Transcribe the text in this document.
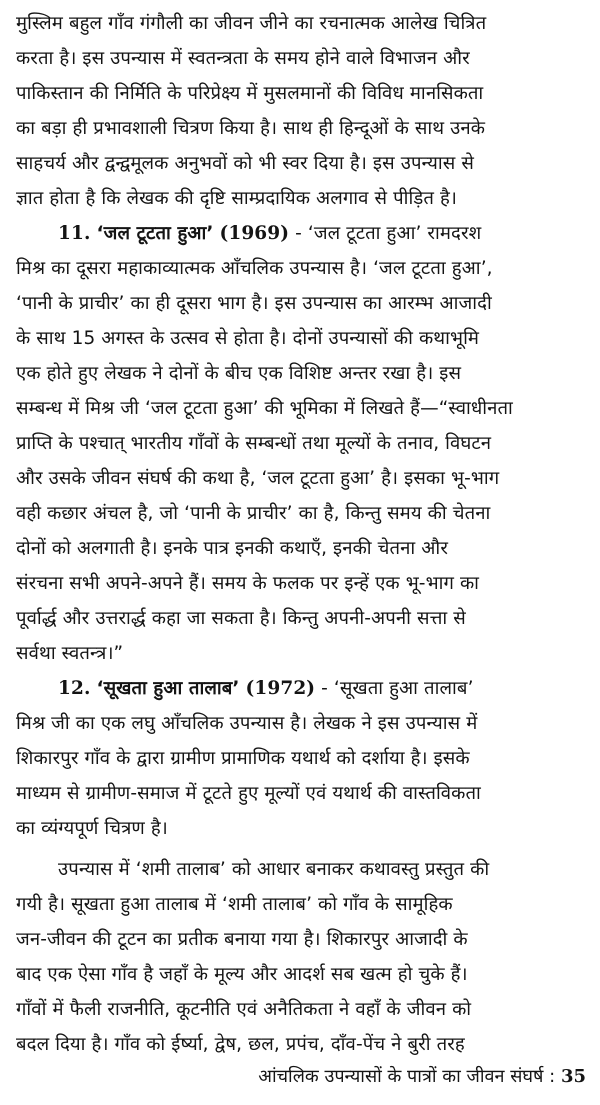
मुस्लिम बहुल गाँव गंगौली का जीवन जीने का रचनात्मक आलेख चित्रित
करता है। इस उपन्यास में स्वतन्त्रता के समय होने वाले विभाजन और
पाकिस्तान की निर्मिति के परिप्रेक्ष्य में मुसलमानों की विविध मानसिकता
का बड़ा ही प्रभावशाली चित्रण किया है। साथ ही हिन्दूओं के साथ उनके
साहचर्य और द्वन्द्वमूलक अनुभवों को भी स्वर दिया है। इस उपन्यास से
ज्ञात होता है कि लेखक की दृष्टि साम्प्रदायिक अलगाव से पीड़ित है।
11. ‘जल टूटता हुआ’ (1969) - ‘जल टूटता हुआ’ रामदरश
मिश्र का दूसरा महाकाव्यात्मक आँचलिक उपन्यास है। ‘जल टूटता हुआ’,
‘पानी के प्राचीर’ का ही दूसरा भाग है। इस उपन्यास का आरम्भ आजादी
के साथ 15 अगस्त के उत्सव से होता है। दोनों उपन्यासों की कथाभूमि
एक होते हुए लेखक ने दोनों के बीच एक विशिष्ट अन्तर रखा है। इस
सम्बन्ध में मिश्र जी ‘जल टूटता हुआ’ की भूमिका में लिखते हैं—“स्वाधीनता
प्राप्ति के पश्चात् भारतीय गाँवों के सम्बन्धों तथा मूल्यों के तनाव, विघटन
और उसके जीवन संघर्ष की कथा है, ‘जल टूटता हुआ’ है। इसका भू-भाग
वही कछार अंचल है, जो ‘पानी के प्राचीर’ का है, किन्तु समय की चेतना
दोनों को अलगाती है। इनके पात्र इनकी कथाएँ, इनकी चेतना और
संरचना सभी अपने-अपने हैं। समय के फलक पर इन्हें एक भू-भाग का
पूर्वार्द्ध और उत्तरार्द्ध कहा जा सकता है। किन्तु अपनी-अपनी सत्ता से
सर्वथा स्वतन्त्र।”
12. ‘सूखता हुआ तालाब’ (1972) - ‘सूखता हुआ तालाब’
मिश्र जी का एक लघु आँचलिक उपन्यास है। लेखक ने इस उपन्यास में
शिकारपुर गाँव के द्वारा ग्रामीण प्रामाणिक यथार्थ को दर्शाया है। इसके
माध्यम से ग्रामीण-समाज में टूटते हुए मूल्यों एवं यथार्थ की वास्तविकता
का व्यंग्यपूर्ण चित्रण है।
उपन्यास में ‘शमी तालाब’ को आधार बनाकर कथावस्तु प्रस्तुत की
गयी है। सूखता हुआ तालाब में ‘शमी तालाब’ को गाँव के सामूहिक
जन-जीवन की टूटन का प्रतीक बनाया गया है। शिकारपुर आजादी के
बाद एक ऐसा गाँव है जहाँ के मूल्य और आदर्श सब खत्म हो चुके हैं।
गाँवों में फैली राजनीति, कूटनीति एवं अनैतिकता ने वहाँ के जीवन को
बदल दिया है। गाँव को ईर्ष्या, द्वेष, छल, प्रपंच, दाँव-पेंच ने बुरी तरह
आंचलिक उपन्यासों के पात्रों का जीवन संघर्ष : 35
